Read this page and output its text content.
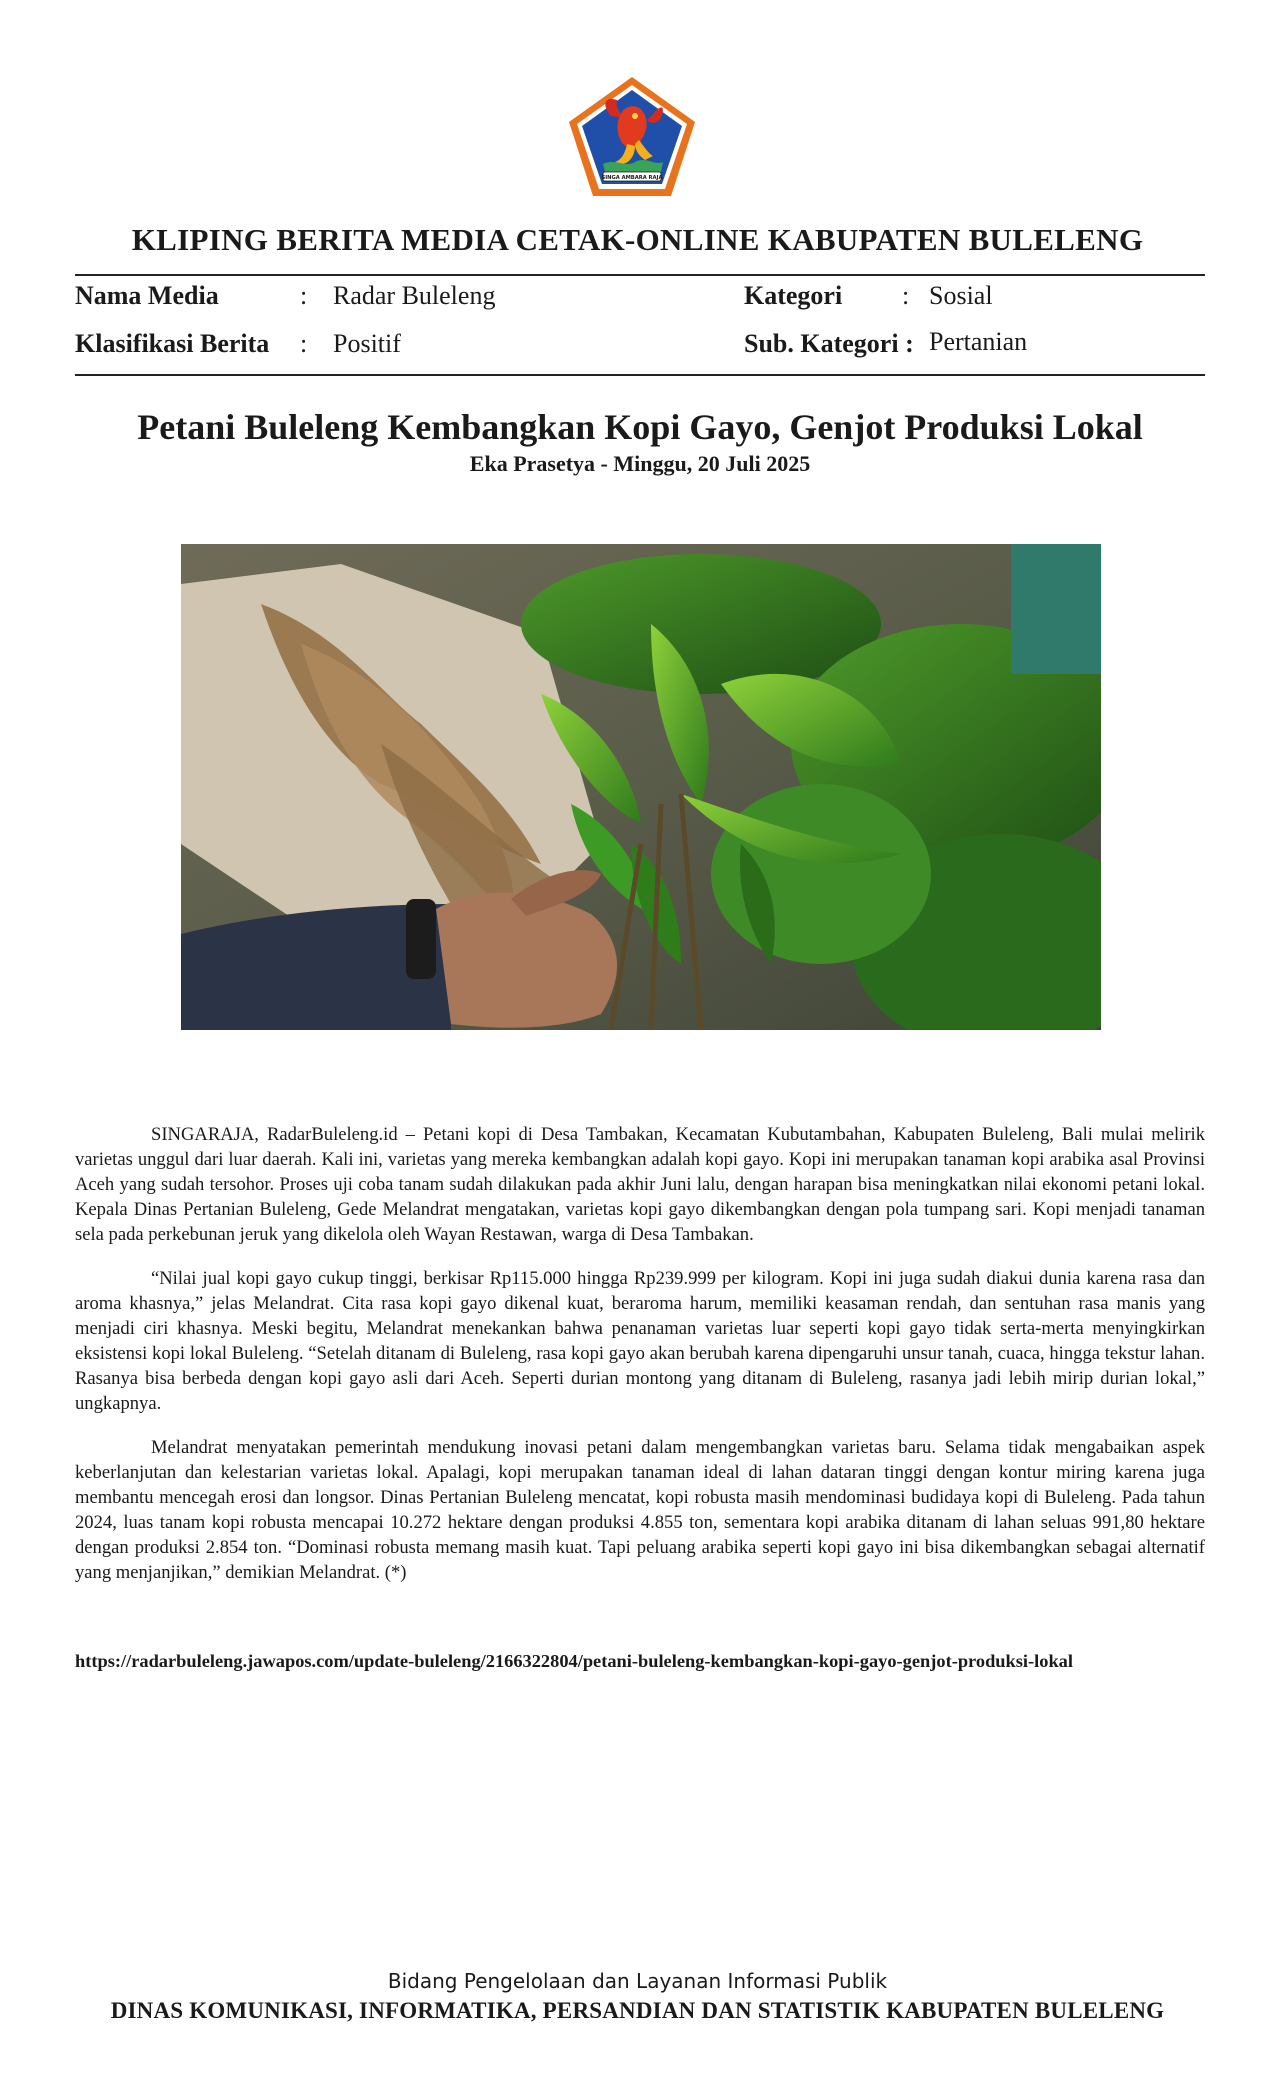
SINGA AMBARA RAJA
KLIPING BERITA MEDIA CETAK-ONLINE KABUPATEN BULELENG
Nama Media	: Radar Buleleng	Kategori : Sosial
Klasifikasi Berita : Positif	Sub. Kategori : Pertanian
Petani Buleleng Kembangkan Kopi Gayo, Genjot Produksi Lokal
Eka Prasetya - Minggu, 20 Juli 2025

SINGARAJA, RadarBuleleng.id – Petani kopi di Desa Tambakan, Kecamatan Kubutambahan, Kabupaten Buleleng, Bali mulai melirik varietas unggul dari luar daerah. Kali ini, varietas yang mereka kembangkan adalah kopi gayo. Kopi ini merupakan tanaman kopi arabika asal Provinsi Aceh yang sudah tersohor. Proses uji coba tanam sudah dilakukan pada akhir Juni lalu, dengan harapan bisa meningkatkan nilai ekonomi petani lokal. Kepala Dinas Pertanian Buleleng, Gede Melandrat mengatakan, varietas kopi gayo dikembangkan dengan pola tumpang sari. Kopi menjadi tanaman sela pada perkebunan jeruk yang dikelola oleh Wayan Restawan, warga di Desa Tambakan.

“Nilai jual kopi gayo cukup tinggi, berkisar Rp115.000 hingga Rp239.999 per kilogram. Kopi ini juga sudah diakui dunia karena rasa dan aroma khasnya,” jelas Melandrat. Cita rasa kopi gayo dikenal kuat, beraroma harum, memiliki keasaman rendah, dan sentuhan rasa manis yang menjadi ciri khasnya. Meski begitu, Melandrat menekankan bahwa penanaman varietas luar seperti kopi gayo tidak serta-merta menyingkirkan eksistensi kopi lokal Buleleng. “Setelah ditanam di Buleleng, rasa kopi gayo akan berubah karena dipengaruhi unsur tanah, cuaca, hingga tekstur lahan. Rasanya bisa berbeda dengan kopi gayo asli dari Aceh. Seperti durian montong yang ditanam di Buleleng, rasanya jadi lebih mirip durian lokal,” ungkapnya.

Melandrat menyatakan pemerintah mendukung inovasi petani dalam mengembangkan varietas baru. Selama tidak mengabaikan aspek keberlanjutan dan kelestarian varietas lokal. Apalagi, kopi merupakan tanaman ideal di lahan dataran tinggi dengan kontur miring karena juga membantu mencegah erosi dan longsor. Dinas Pertanian Buleleng mencatat, kopi robusta masih mendominasi budidaya kopi di Buleleng. Pada tahun 2024, luas tanam kopi robusta mencapai 10.272 hektare dengan produksi 4.855 ton, sementara kopi arabika ditanam di lahan seluas 991,80 hektare dengan produksi 2.854 ton. “Dominasi robusta memang masih kuat. Tapi peluang arabika seperti kopi gayo ini bisa dikembangkan sebagai alternatif yang menjanjikan,” demikian Melandrat. (*)

https://radarbuleleng.jawapos.com/update-buleleng/2166322804/petani-buleleng-kembangkan-kopi-gayo-genjot-produksi-lokal
Bidang Pengelolaan dan Layanan Informasi Publik
DINAS KOMUNIKASI, INFORMATIKA, PERSANDIAN DAN STATISTIK KABUPATEN BULELENG
